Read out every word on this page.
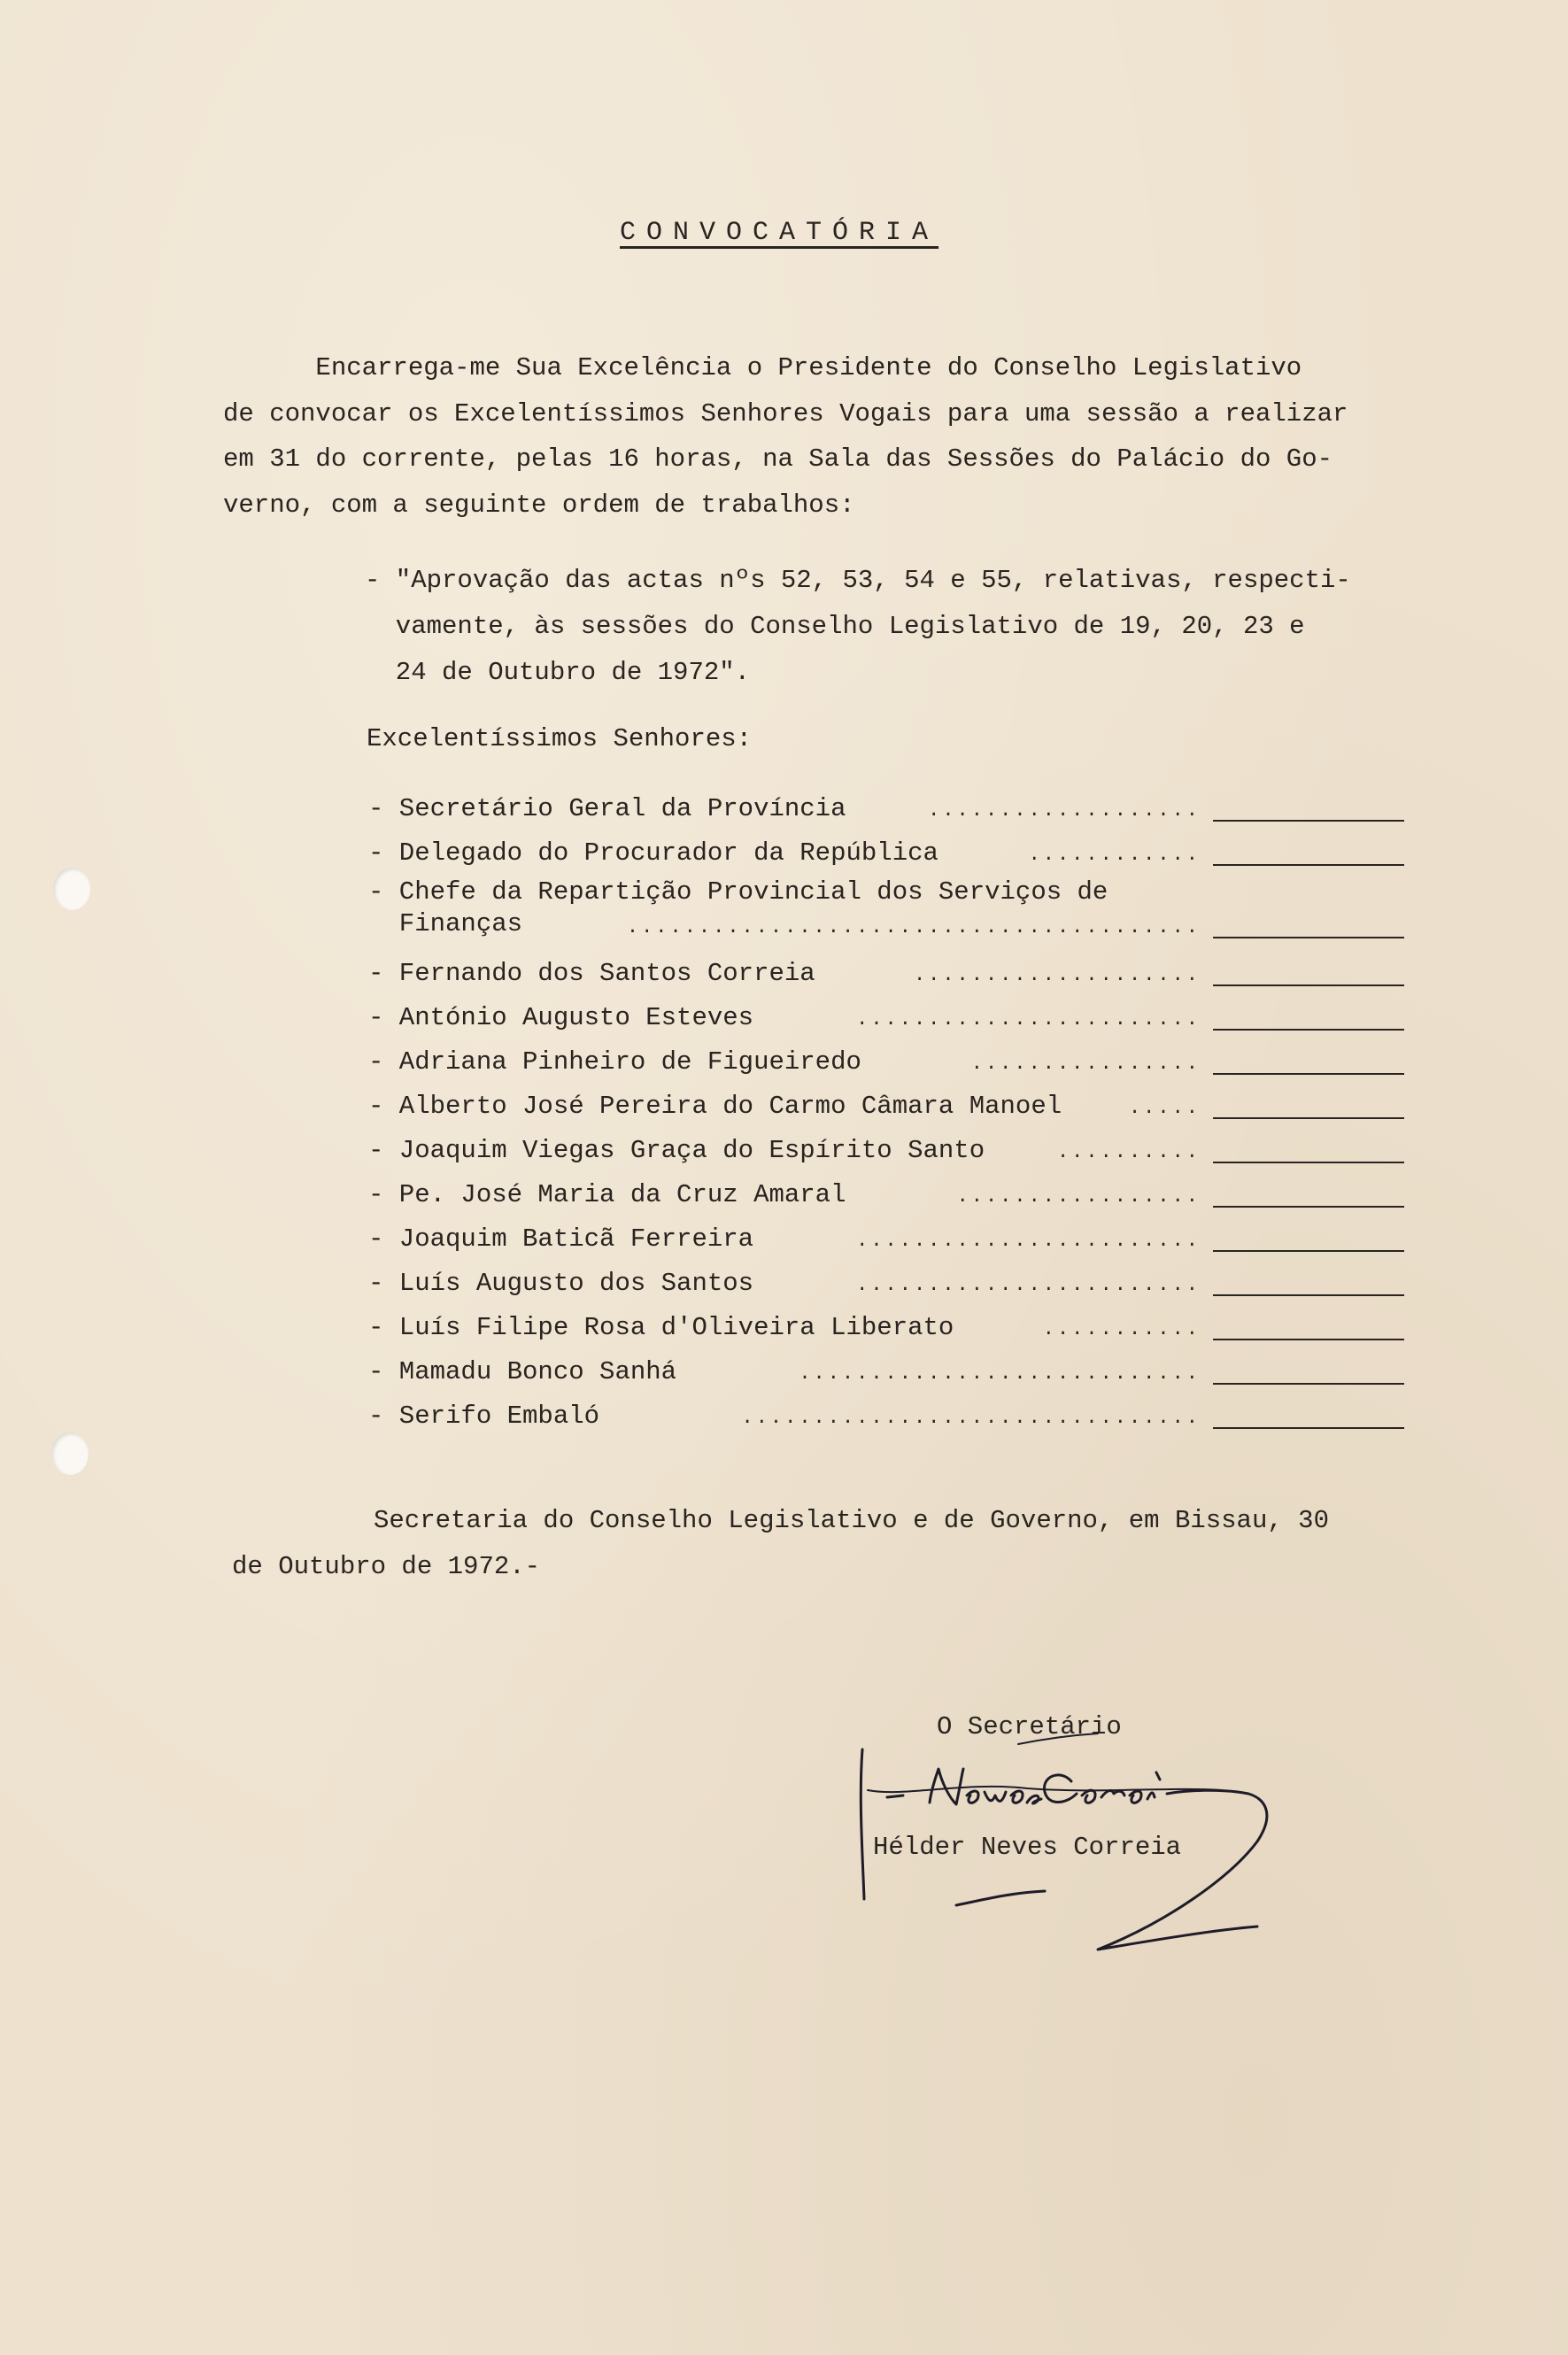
CONVOCATÓRIA
Encarrega-me Sua Excelência o Presidente do Conselho Legislativo
de convocar os Excelentíssimos Senhores Vogais para uma sessão a realizar
em 31 do corrente, pelas 16 horas, na Sala das Sessões do Palácio do Go-
verno, com a seguinte ordem de trabalhos:
- "Aprovação das actas nºs 52, 53, 54 e 55, relativas, respecti-
vamente, às sessões do Conselho Legislativo de 19, 20, 23 e
24 de Outubro de 1972".
Excelentíssimos Senhores:
- Secretário Geral da Província	...................
- Delegado do Procurador da República	............
- Chefe da Repartição Provincial dos Serviços de
Finanças	........................................
- Fernando dos Santos Correia	....................
- António Augusto Esteves	........................
- Adriana Pinheiro de Figueiredo	................
- Alberto José Pereira do Carmo Câmara Manoel	.....
- Joaquim Viegas Graça do Espírito Santo	..........
- Pe. José Maria da Cruz Amaral	.................
- Joaquim Baticã Ferreira	........................
- Luís Augusto dos Santos	........................
- Luís Filipe Rosa d'Oliveira Liberato	...........
- Mamadu Bonco Sanhá	............................
- Serifo Embaló	................................
Secretaria do Conselho Legislativo e de Governo, em Bissau, 30
de Outubro de 1972.-
O Secretário
Hélder Neves Correia
